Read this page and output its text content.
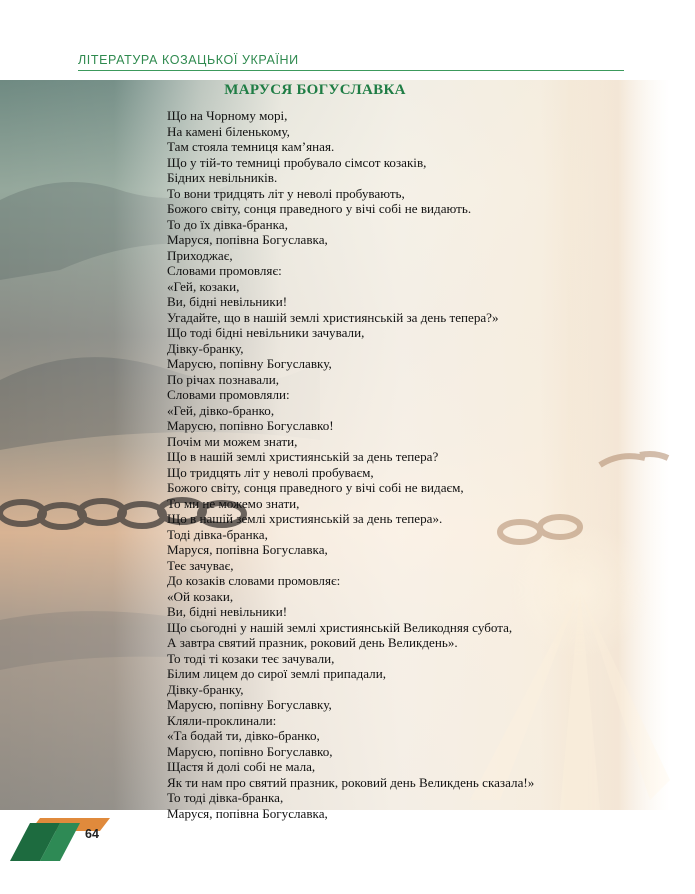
ЛІТЕРАТУРА КОЗАЦЬКОЇ УКРАЇНИ
МАРУСЯ БОГУСЛАВКА
Що на Чорному морі,
На камені біленькому,
Там стояла темниця кам’яная.
Що у тій-то темниці пробувало сімсот козаків,
Бідних невільників.
То вони тридцять літ у неволі пробувають,
Божого світу, сонця праведного у вічі собі не видають.
То до їх дівка-бранка,
Маруся, попівна Богуславка,
Приходжає,
Словами промовляє:
«Гей, козаки,
Ви, бідні невільники!
Угадайте, що в нашій землі християнській за день тепера?»
Що тоді бідні невільники зачували,
Дівку-бранку,
Марусю, попівну Богуславку,
По річах познавали,
Словами промовляли:
«Гей, дівко-бранко,
Марусю, попівно Богуславко!
Почім ми можем знати,
Що в нашій землі християнській за день тепера?
Що тридцять літ у неволі пробуваєм,
Божого світу, сонця праведного у вічі собі не видаєм,
То ми не можемо знати,
Що в нашій землі християнській за день тепера».
Тоді дівка-бранка,
Маруся, попівна Богуславка,
Теє зачуває,
До козаків словами промовляє:
«Ой козаки,
Ви, бідні невільники!
Що сьогодні у нашій землі християнській Великодняя субота,
А завтра святий празник, роковий день Великдень».
То тоді ті козаки теє зачували,
Білим лицем до сирої землі припадали,
Дівку-бранку,
Марусю, попівну Богуславку,
Кляли-проклинали:
«Та бодай ти, дівко-бранко,
Марусю, попівно Богуславко,
Щастя й долі собі не мала,
Як ти нам про святий празник, роковий день Великдень сказала!»
То тоді дівка-бранка,
Маруся, попівна Богуславка,
64
